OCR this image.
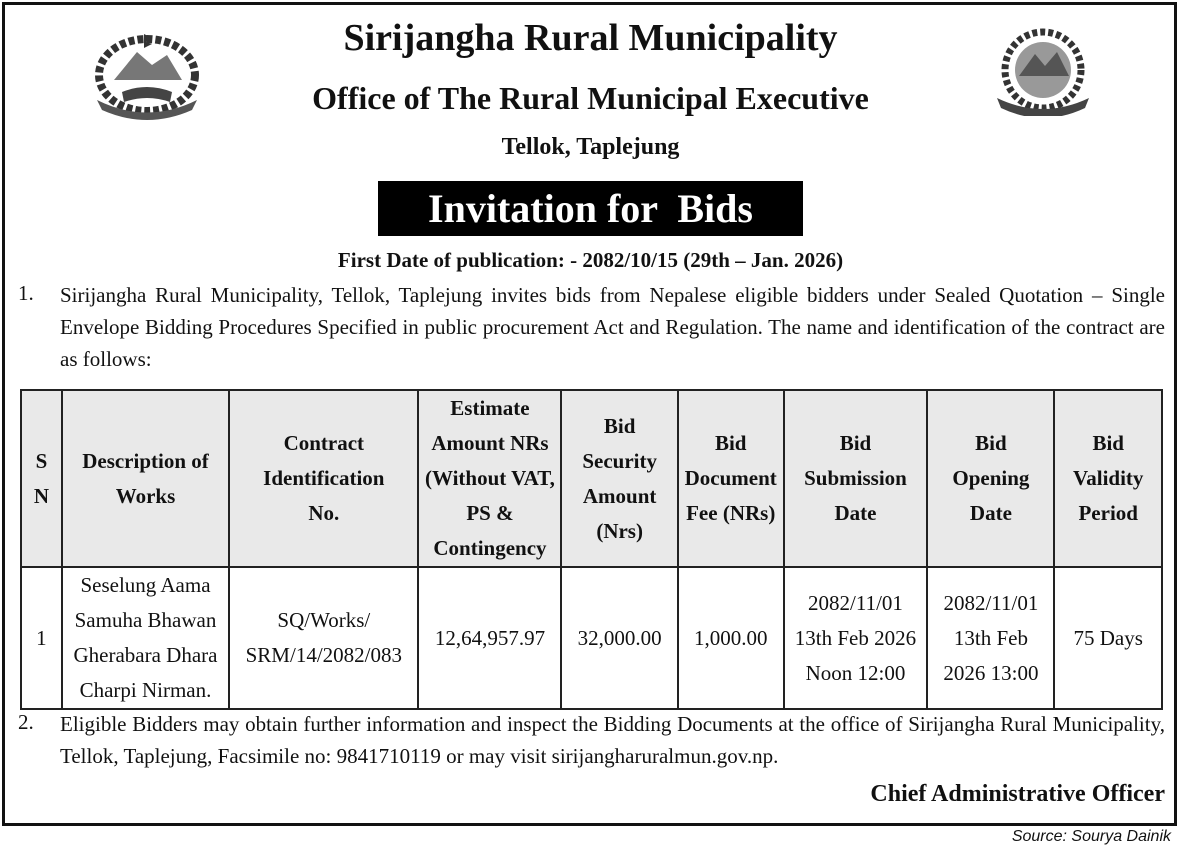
Sirijangha Rural Municipality
Office of The Rural Municipal Executive
Tellok, Taplejung
Invitation for  Bids
First Date of publication: - 2082/10/15 (29th – Jan. 2026)
1. Sirijangha Rural Municipality, Tellok, Taplejung invites bids from Nepalese eligible bidders under Sealed Quotation – Single Envelope Bidding Procedures Specified in public procurement Act and Regulation. The name and identification of the contract are as follows:
S N	Description of Works	Contract Identification No.	Estimate Amount NRs (Without VAT, PS & Contingency	Bid Security Amount (Nrs)	Bid Document Fee (NRs)	Bid Submission Date	Bid Opening Date	Bid Validity Period
1	Seselung Aama Samuha Bhawan Gherabara Dhara Charpi Nirman.	SQ/Works/ SRM/14/2082/083	12,64,957.97	32,000.00	1,000.00	2082/11/01 13th Feb 2026 Noon 12:00	2082/11/01 13th Feb 2026 13:00	75 Days
2. Eligible Bidders may obtain further information and inspect the Bidding Documents at the office of Sirijangha Rural Municipality, Tellok, Taplejung, Facsimile no: 9841710119 or may visit sirijangharuralmun.gov.np.
Chief Administrative Officer
Source: Sourya Dainik
